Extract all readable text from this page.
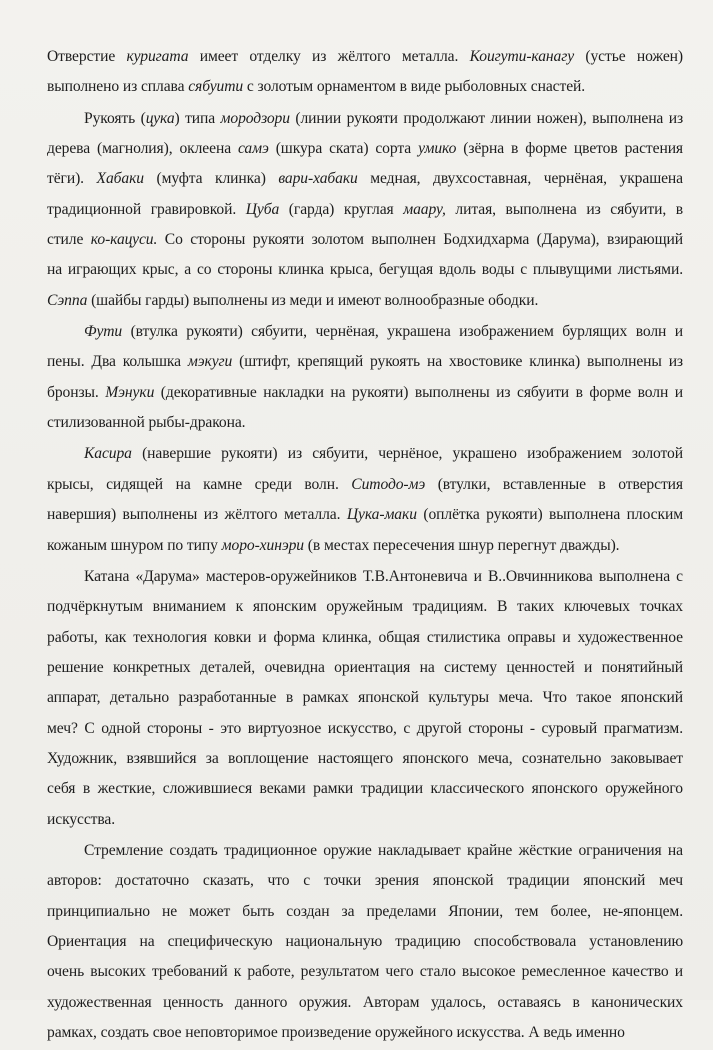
Отверстие куригата имеет отделку из жёлтого металла. Коигути-канагу (устье ножен)
выполнено из сплава сябуити с золотым орнаментом в виде рыболовных снастей.
Рукоять (цука) типа мородзори (линии рукояти продолжают линии ножен), выполнена из
дерева (магнолия), оклеена самэ (шкура ската) сорта умико (зёрна в форме цветов растения
тёги). Хабаки (муфта клинка) вари-хабаки медная, двухсоставная, чернёная, украшена
традиционной гравировкой. Цуба (гарда) круглая маару, литая, выполнена из сябуити, в
стиле ко-кацуси. Со стороны рукояти золотом выполнен Бодхидхарма (Дарума), взирающий
на играющих крыс, а со стороны клинка крыса, бегущая вдоль воды с плывущими листьями.
Сэппа (шайбы гарды) выполнены из меди и имеют волнообразные ободки.
Фути (втулка рукояти) сябуити, чернёная, украшена изображением бурлящих волн и
пены. Два колышка мэкуги (штифт, крепящий рукоять на хвостовике клинка) выполнены из
бронзы. Мэнуки (декоративные накладки на рукояти) выполнены из сябуити в форме волн и
стилизованной рыбы-дракона.
Касира (навершие рукояти) из сябуити, чернёное, украшено изображением золотой
крысы, сидящей на камне среди волн. Ситодо-мэ (втулки, вставленные в отверстия
навершия) выполнены из жёлтого металла. Цука-маки (оплётка рукояти) выполнена плоским
кожаным шнуром по типу моро-хинэри (в местах пересечения шнур перегнут дважды).
Катана «Дарума» мастеров-оружейников Т.В.Антоневича и В..Овчинникова выполнена с
подчёркнутым вниманием к японским оружейным традициям. В таких ключевых точках
работы, как технология ковки и форма клинка, общая стилистика оправы и художественное
решение конкретных деталей, очевидна ориентация на систему ценностей и понятийный
аппарат, детально разработанные в рамках японской культуры меча. Что такое японский
меч? С одной стороны - это виртуозное искусство, с другой стороны - суровый прагматизм.
Художник, взявшийся за воплощение настоящего японского меча, сознательно заковывает
себя в жесткие, сложившиеся веками рамки традиции классического японского оружейного
искусства.
Стремление создать традиционное оружие накладывает крайне жёсткие ограничения на
авторов: достаточно сказать, что с точки зрения японской традиции японский меч
принципиально не может быть создан за пределами Японии, тем более, не-японцем.
Ориентация на специфическую национальную традицию способствовала установлению
очень высоких требований к работе, результатом чего стало высокое ремесленное качество и
художественная ценность данного оружия. Авторам удалось, оставаясь в канонических
рамках, создать свое неповторимое произведение оружейного искусства. А ведь именно
